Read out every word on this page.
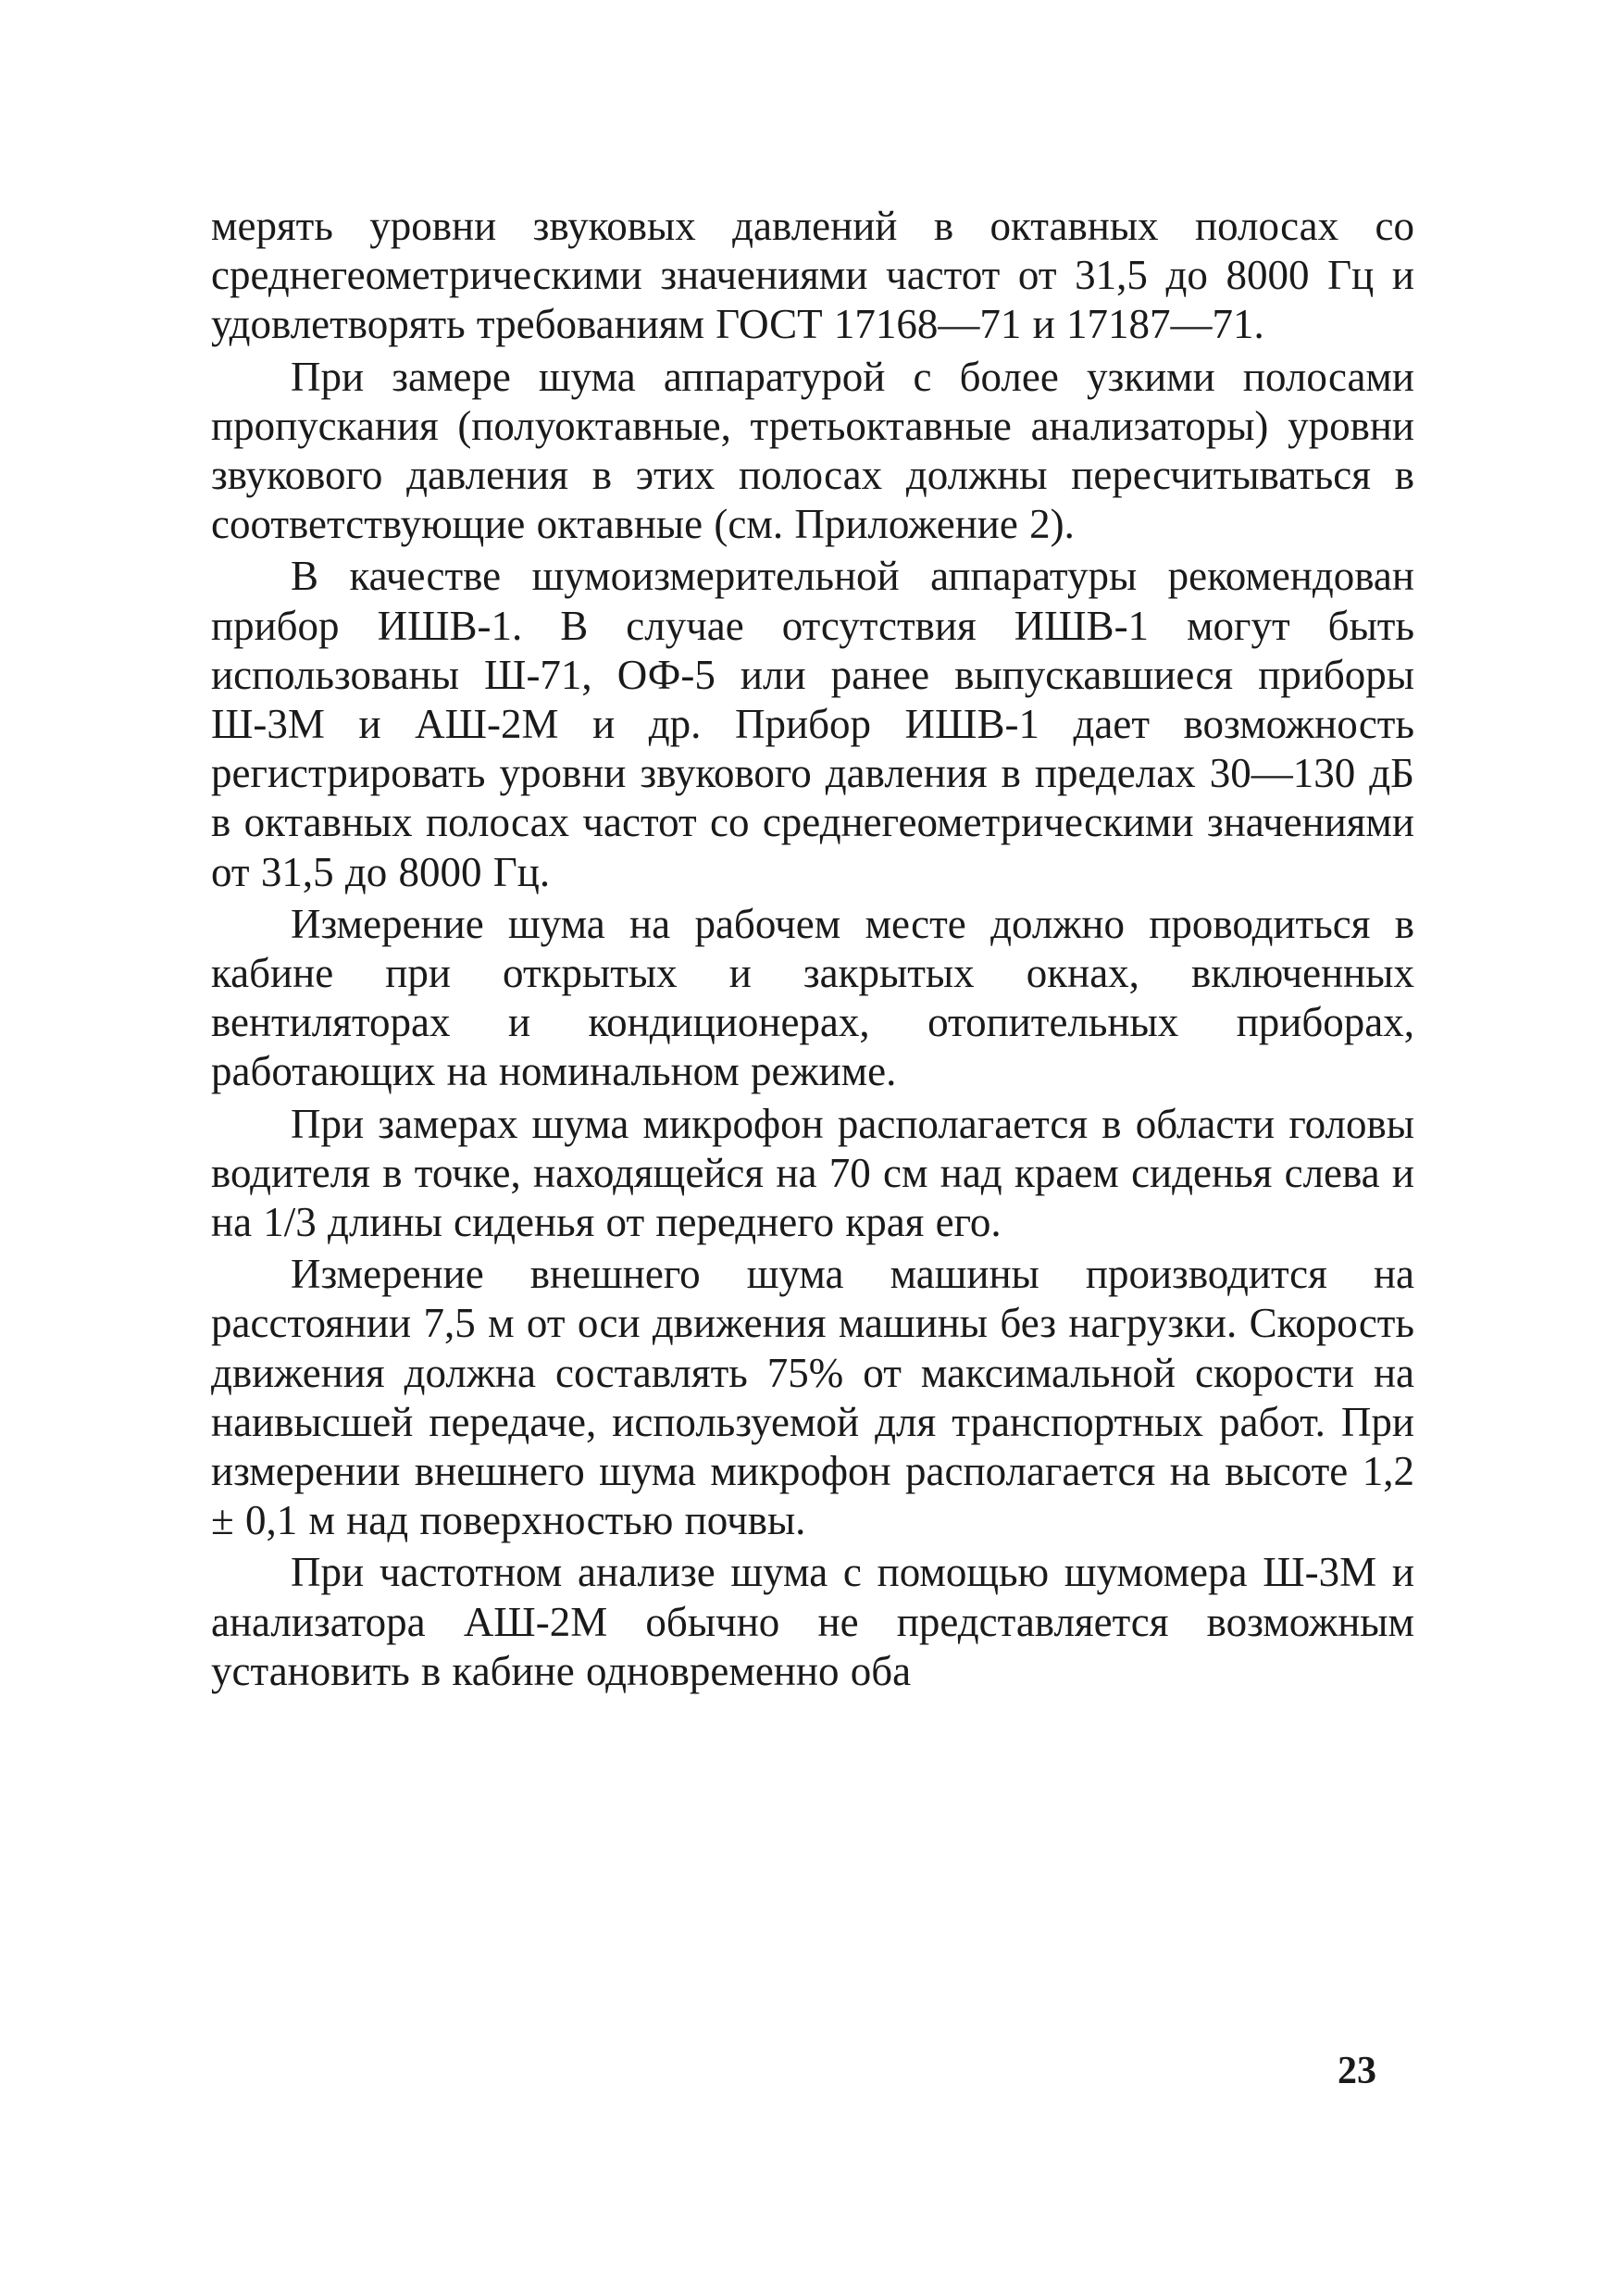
мерять уровни звуковых давлений в октавных полосах со среднегеометрическими значениями частот от 31,5 до 8000 Гц и удовлетворять требованиям ГОСТ 17168—71 и 17187—71.

При замере шума аппаратурой с более узкими полосами пропускания (полуоктавные, третьоктавные анализаторы) уровни звукового давления в этих полосах должны пересчитываться в соответствующие октавные (см. Приложение 2).

В качестве шумоизмерительной аппаратуры рекомендован прибор ИШВ-1. В случае отсутствия ИШВ-1 могут быть использованы Ш-71, ОФ-5 или ранее выпускавшиеся приборы Ш-3М и АШ-2М и др. Прибор ИШВ-1 дает возможность регистрировать уровни звукового давления в пределах 30—130 дБ в октавных полосах частот со среднегеометрическими значениями от 31,5 до 8000 Гц.

Измерение шума на рабочем месте должно проводиться в кабине при открытых и закрытых окнах, включенных вентиляторах и кондиционерах, отопительных приборах, работающих на номинальном режиме.

При замерах шума микрофон располагается в области головы водителя в точке, находящейся на 70 см над краем сиденья слева и на 1/3 длины сиденья от переднего края его.

Измерение внешнего шума машины производится на расстоянии 7,5 м от оси движения машины без нагрузки. Скорость движения должна составлять 75% от максимальной скорости на наивысшей передаче, используемой для транспортных работ. При измерении внешнего шума микрофон располагается на высоте 1,2 ± 0,1 м над поверхностью почвы.

При частотном анализе шума с помощью шумомера Ш-3М и анализатора АШ-2М обычно не представляется возможным установить в кабине одновременно оба

23
